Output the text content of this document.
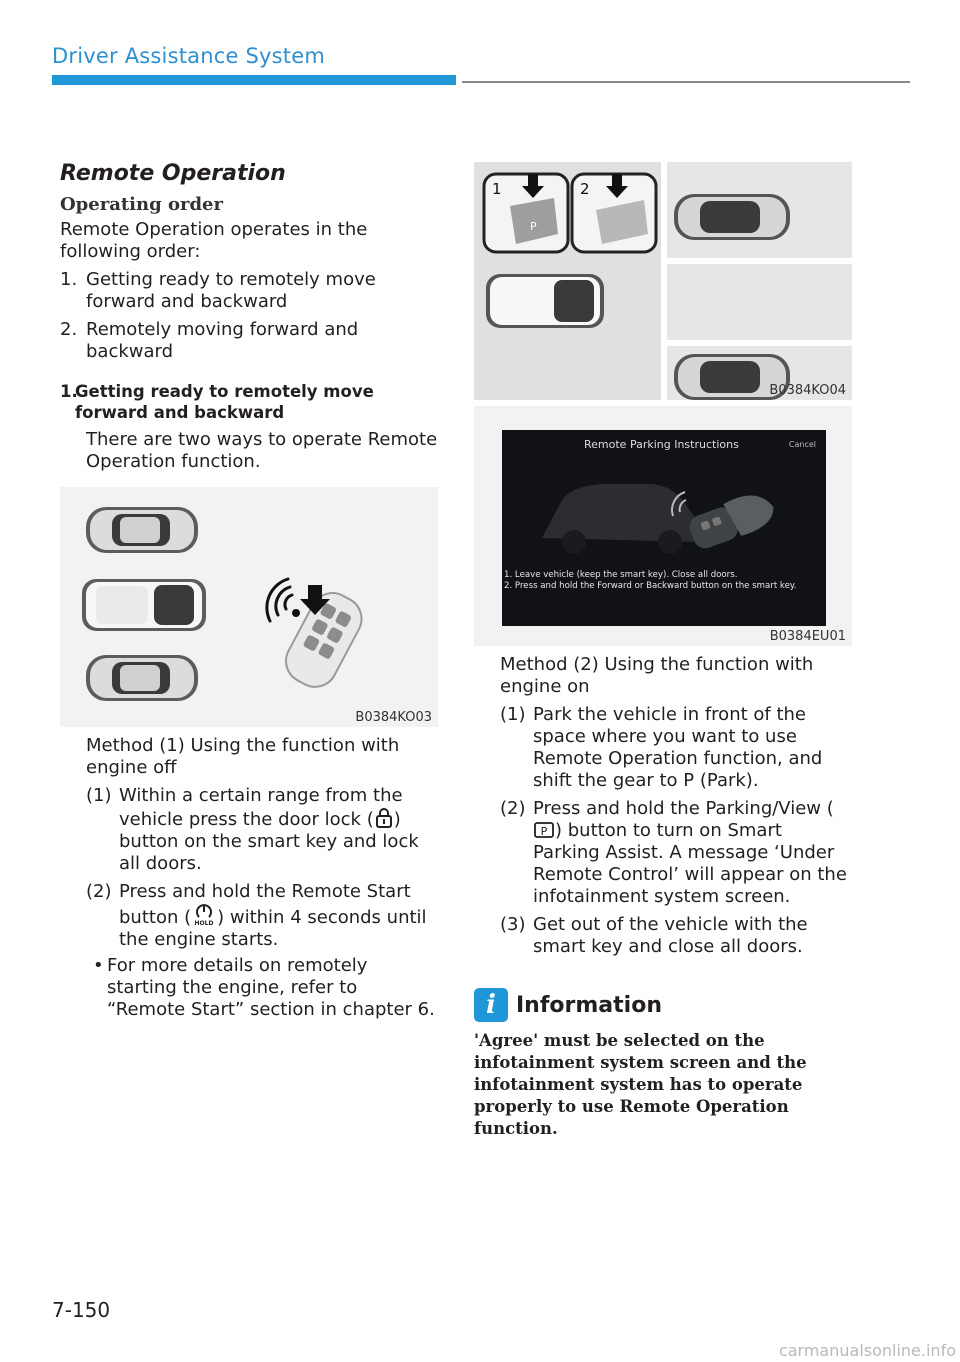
Driver Assistance System
Remote Operation
Operating order

Remote Operation operates in the following order:

1. Getting ready to remotely move forward and backward
2. Remotely moving forward and backward
1.
Getting ready to remotely move forward and backward

There are two ways to operate Remote Operation function.

B0384KO03

Method (1) Using the function with engine off

(1) Within a certain range from the vehicle press the door lock ( ) button on the smart key and lock all doors.
(2) Press and hold the Remote Start button ( HOLD ) within 4 seconds until the engine starts.
• For more details on remotely starting the engine, refer to “Remote Start” section in chapter 6.
1
P
2
B0384KO04
Remote Parking Instructions	Cancel
1. Leave vehicle (keep the smart key). Close all doors.
2. Press and hold the Forward or Backward button on the smart key.
B0384EU01

Method (2) Using the function with engine on

(1) Park the vehicle in front of the space where you want to use Remote Operation function, and shift the gear to P (Park).
(2) Press and hold the Parking/View (
P ) button to turn on Smart Parking Assist. A message ‘Under Remote Control’ will appear on the infotainment system screen.
(3) Get out of the vehicle with the smart key and close all doors.
i Information
'Agree' must be selected on the infotainment system screen and the infotainment system has to operate properly to use Remote Operation function.
7-150
carmanualsonline.info
